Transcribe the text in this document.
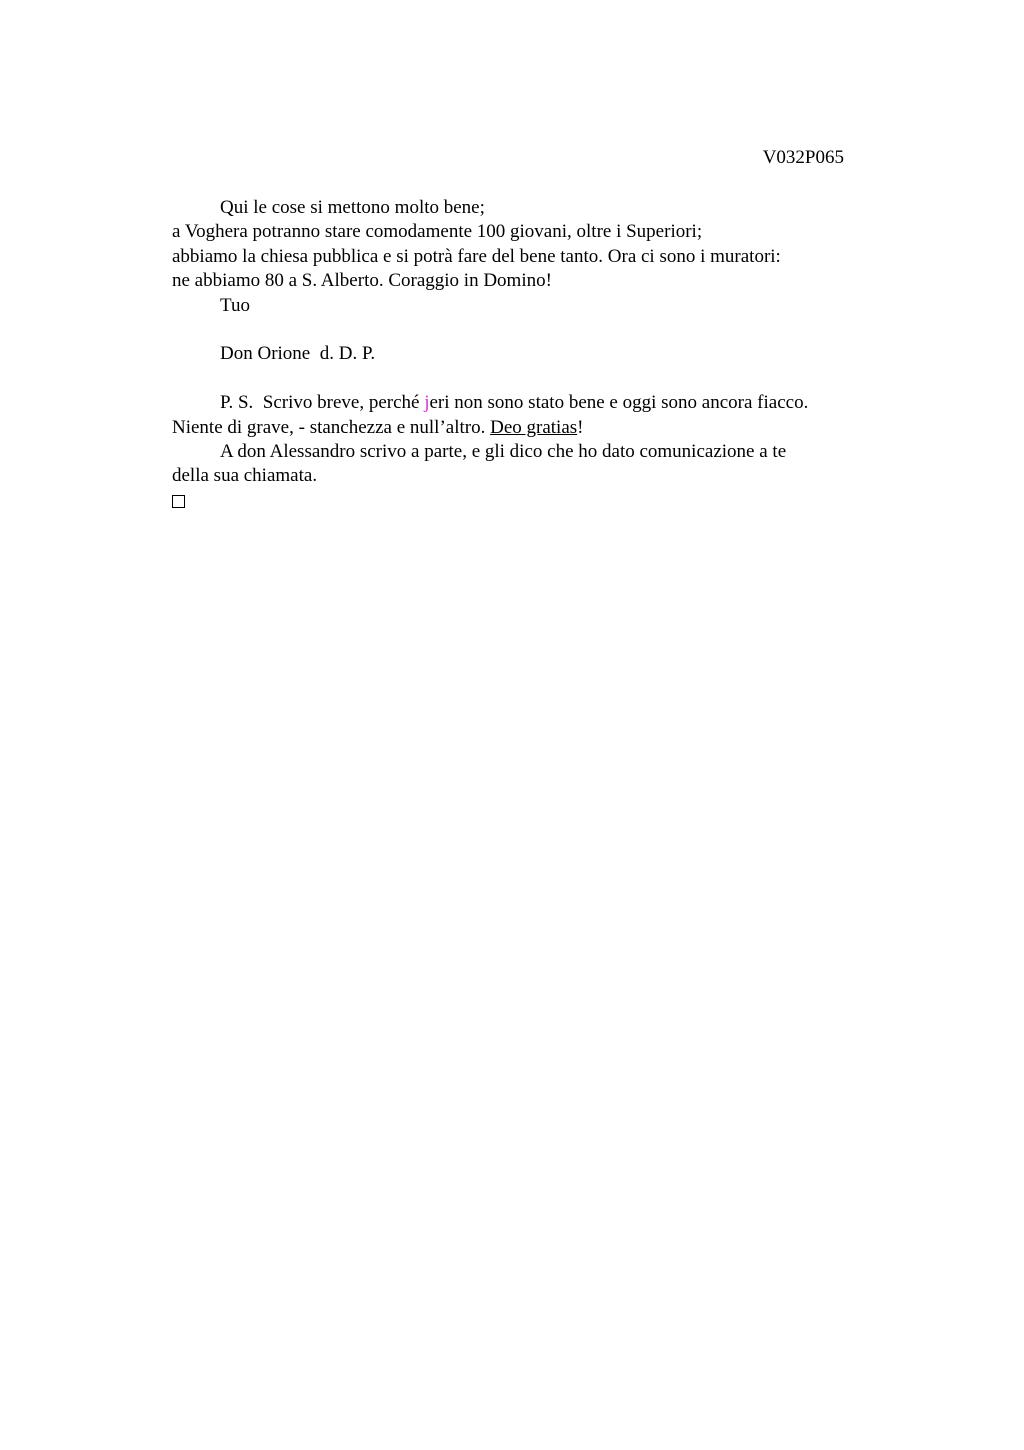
V032P065
Qui le cose si mettono molto bene;
a Voghera potranno stare comodamente 100 giovani, oltre i Superiori;
abbiamo la chiesa pubblica e si potrà fare del bene tanto. Ora ci sono i muratori:
ne abbiamo 80 a S. Alberto. Coraggio in Domino!
Tuo
Don Orione  d. D. P.
P. S.  Scrivo breve, perché jeri non sono stato bene e oggi sono ancora fiacco.
Niente di grave, - stanchezza e null’altro. Deo gratias!
A don Alessandro scrivo a parte, e gli dico che ho dato comunicazione a te
della sua chiamata.
